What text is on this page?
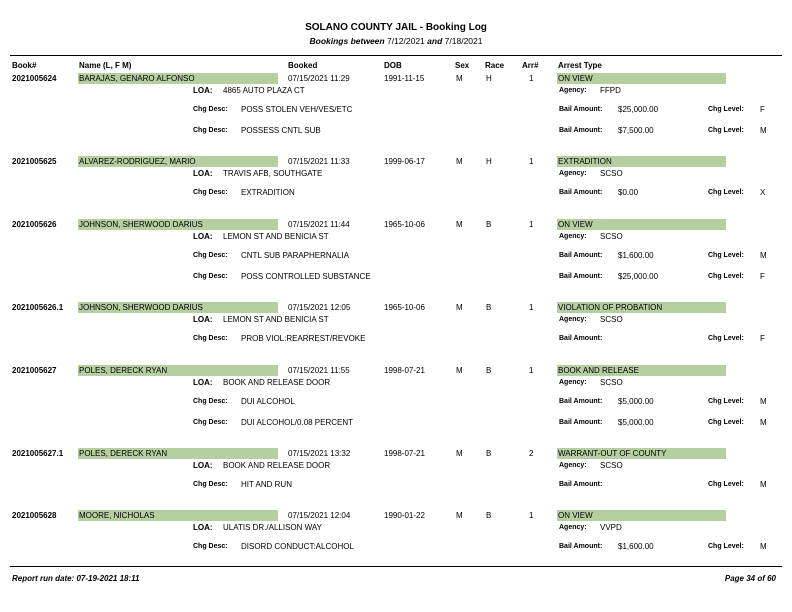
SOLANO COUNTY JAIL - Booking Log
Bookings between 7/12/2021 and 7/18/2021
Book#	Name (L, F M)	Booked	DOB	Sex Race Arr# Arrest Type
2021005624	BARAJAS, GENARO ALFONSO	07/15/2021 11:29	1991-11-15	M	H	1	ON VIEW
LOA: 4865 AUTO PLAZA CT	Agency: FFPD
Chg Desc: POSS STOLEN VEH/VES/ETC	Bail Amount: $25,000.00	Chg Level: F
Chg Desc: POSSESS CNTL SUB	Bail Amount: $7,500.00	Chg Level: M
2021005625	ALVAREZ-RODRIGUEZ, MARIO	07/15/2021 11:33	1999-06-17	M	H	1	EXTRADITION
LOA: TRAVIS AFB, SOUTHGATE	Agency: SCSO
Chg Desc: EXTRADITION	Bail Amount: $0.00	Chg Level: X
2021005626	JOHNSON, SHERWOOD DARIUS	07/15/2021 11:44	1965-10-06	M	B	1	ON VIEW
LOA: LEMON ST AND BENICIA ST	Agency: SCSO
Chg Desc: CNTL SUB PARAPHERNALIA	Bail Amount: $1,600.00	Chg Level: M
Chg Desc: POSS CONTROLLED SUBSTANCE	Bail Amount: $25,000.00	Chg Level: F
2021005626.1 JOHNSON, SHERWOOD DARIUS	07/15/2021 12:05	1965-10-06	M	B	1	VIOLATION OF PROBATION
LOA: LEMON ST AND BENICIA ST	Agency: SCSO
Chg Desc: PROB VIOL:REARREST/REVOKE	Bail Amount:	Chg Level: F
2021005627	POLES, DERECK RYAN	07/15/2021 11:55	1998-07-21	M	B	1	BOOK AND RELEASE
LOA: BOOK AND RELEASE DOOR	Agency: SCSO
Chg Desc: DUI ALCOHOL	Bail Amount: $5,000.00	Chg Level: M
Chg Desc: DUI ALCOHOL/0.08 PERCENT	Bail Amount: $5,000.00	Chg Level: M
2021005627.1 POLES, DERECK RYAN	07/15/2021 13:32	1998-07-21	M	B	2	WARRANT-OUT OF COUNTY
LOA: BOOK AND RELEASE DOOR	Agency: SCSO
Chg Desc: HIT AND RUN	Bail Amount:	Chg Level: M
2021005628	MOORE, NICHOLAS	07/15/2021 12:04	1990-01-22	M	B	1	ON VIEW
LOA: ULATIS DR./ALLISON WAY	Agency: VVPD
Chg Desc: DISORD CONDUCT:ALCOHOL	Bail Amount: $1,600.00	Chg Level: M
Report run date: 07-19-2021 18:11	Page 34 of 60
